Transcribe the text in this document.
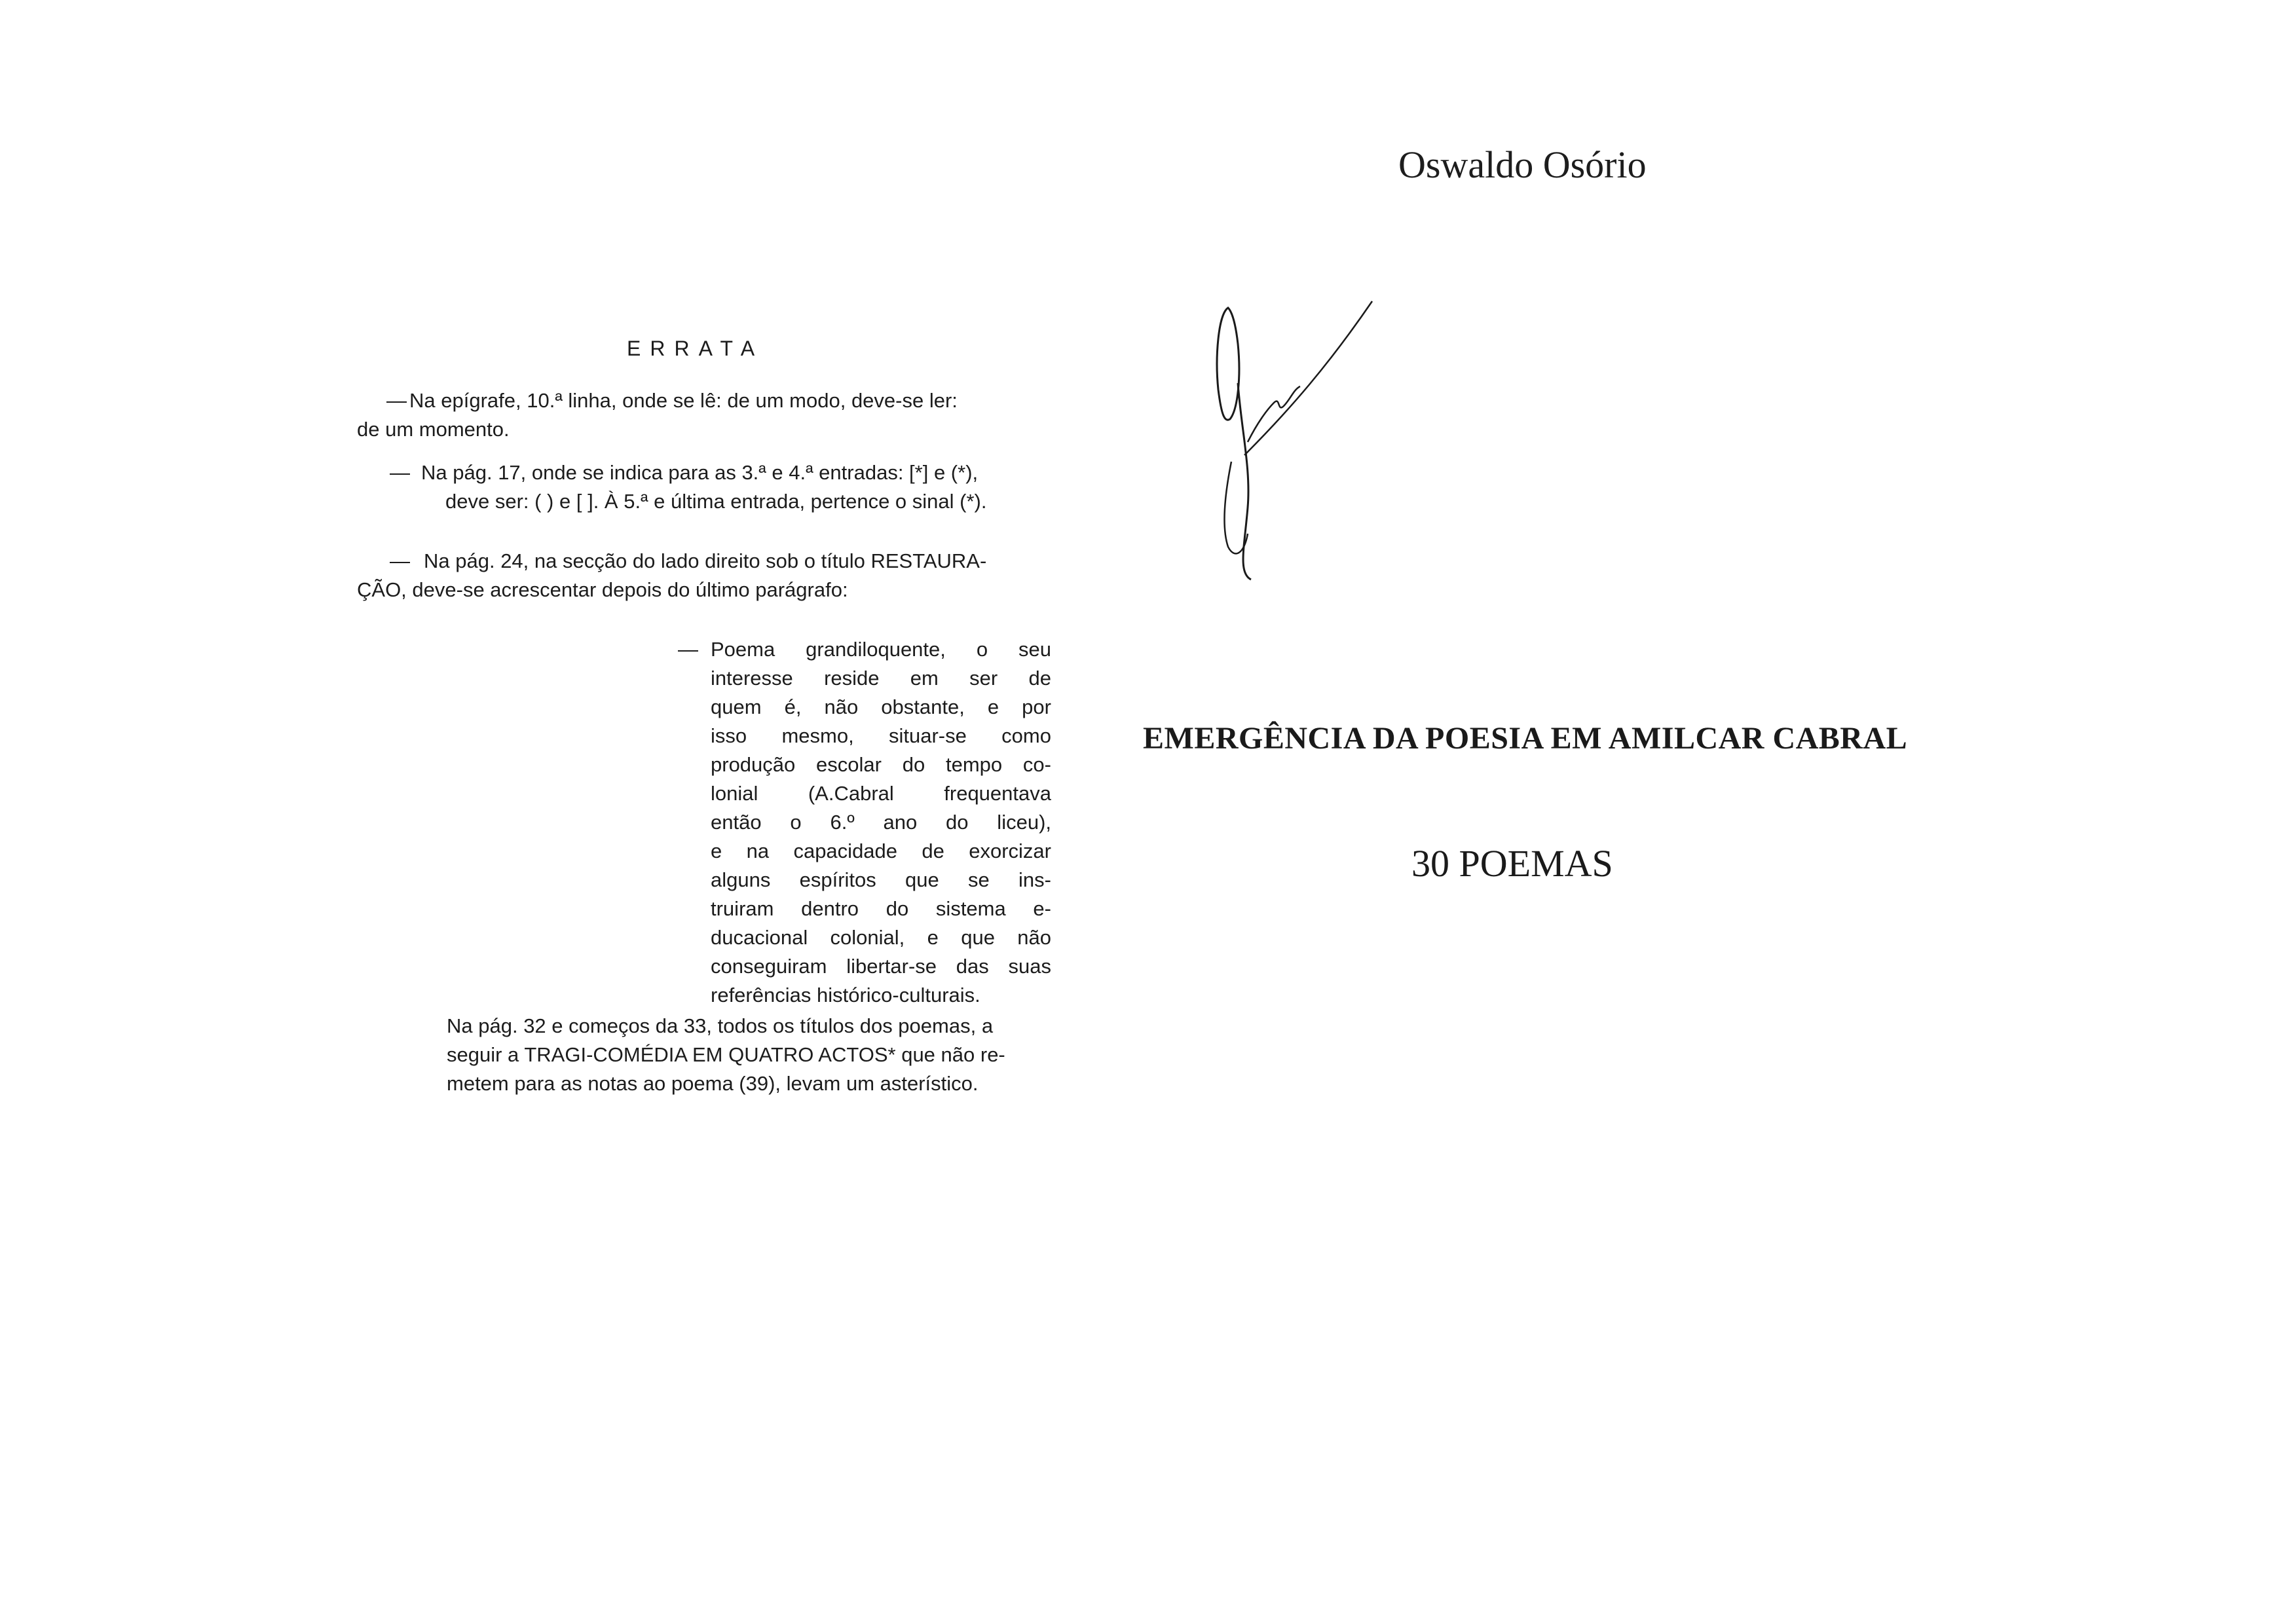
ERRATA
— Na epígrafe, 10.ª linha, onde se lê: de um modo, deve-se ler:
de um momento.
— Na pág. 17, onde se indica para as 3.ª e 4.ª entradas: [*] e (*),
deve ser: ( ) e [ ]. À 5.ª e última entrada, pertence o sinal (*).
— Na pág. 24, na secção do lado direito sob o título RESTAURA-
ÇÃO, deve-se acrescentar depois do último parágrafo:
— Poema grandiloquente, o seu
interesse reside em ser de
quem é, não obstante, e por
isso mesmo, situar-se como
produção escolar do tempo co-
lonial (A.Cabral frequentava
então o 6.º ano do liceu),
e na capacidade de exorcizar
alguns espíritos que se ins-
truiram dentro do sistema e-
ducacional colonial, e que não
conseguiram libertar-se das suas
referências histórico-culturais.
Na pág. 32 e começos da 33, todos os títulos dos poemas, a
seguir a TRAGI-COMÉDIA EM QUATRO ACTOS* que não re-
metem para as notas ao poema (39), levam um asterístico.
Oswaldo Osório
EMERGÊNCIA DA POESIA EM AMILCAR CABRAL
30 POEMAS
